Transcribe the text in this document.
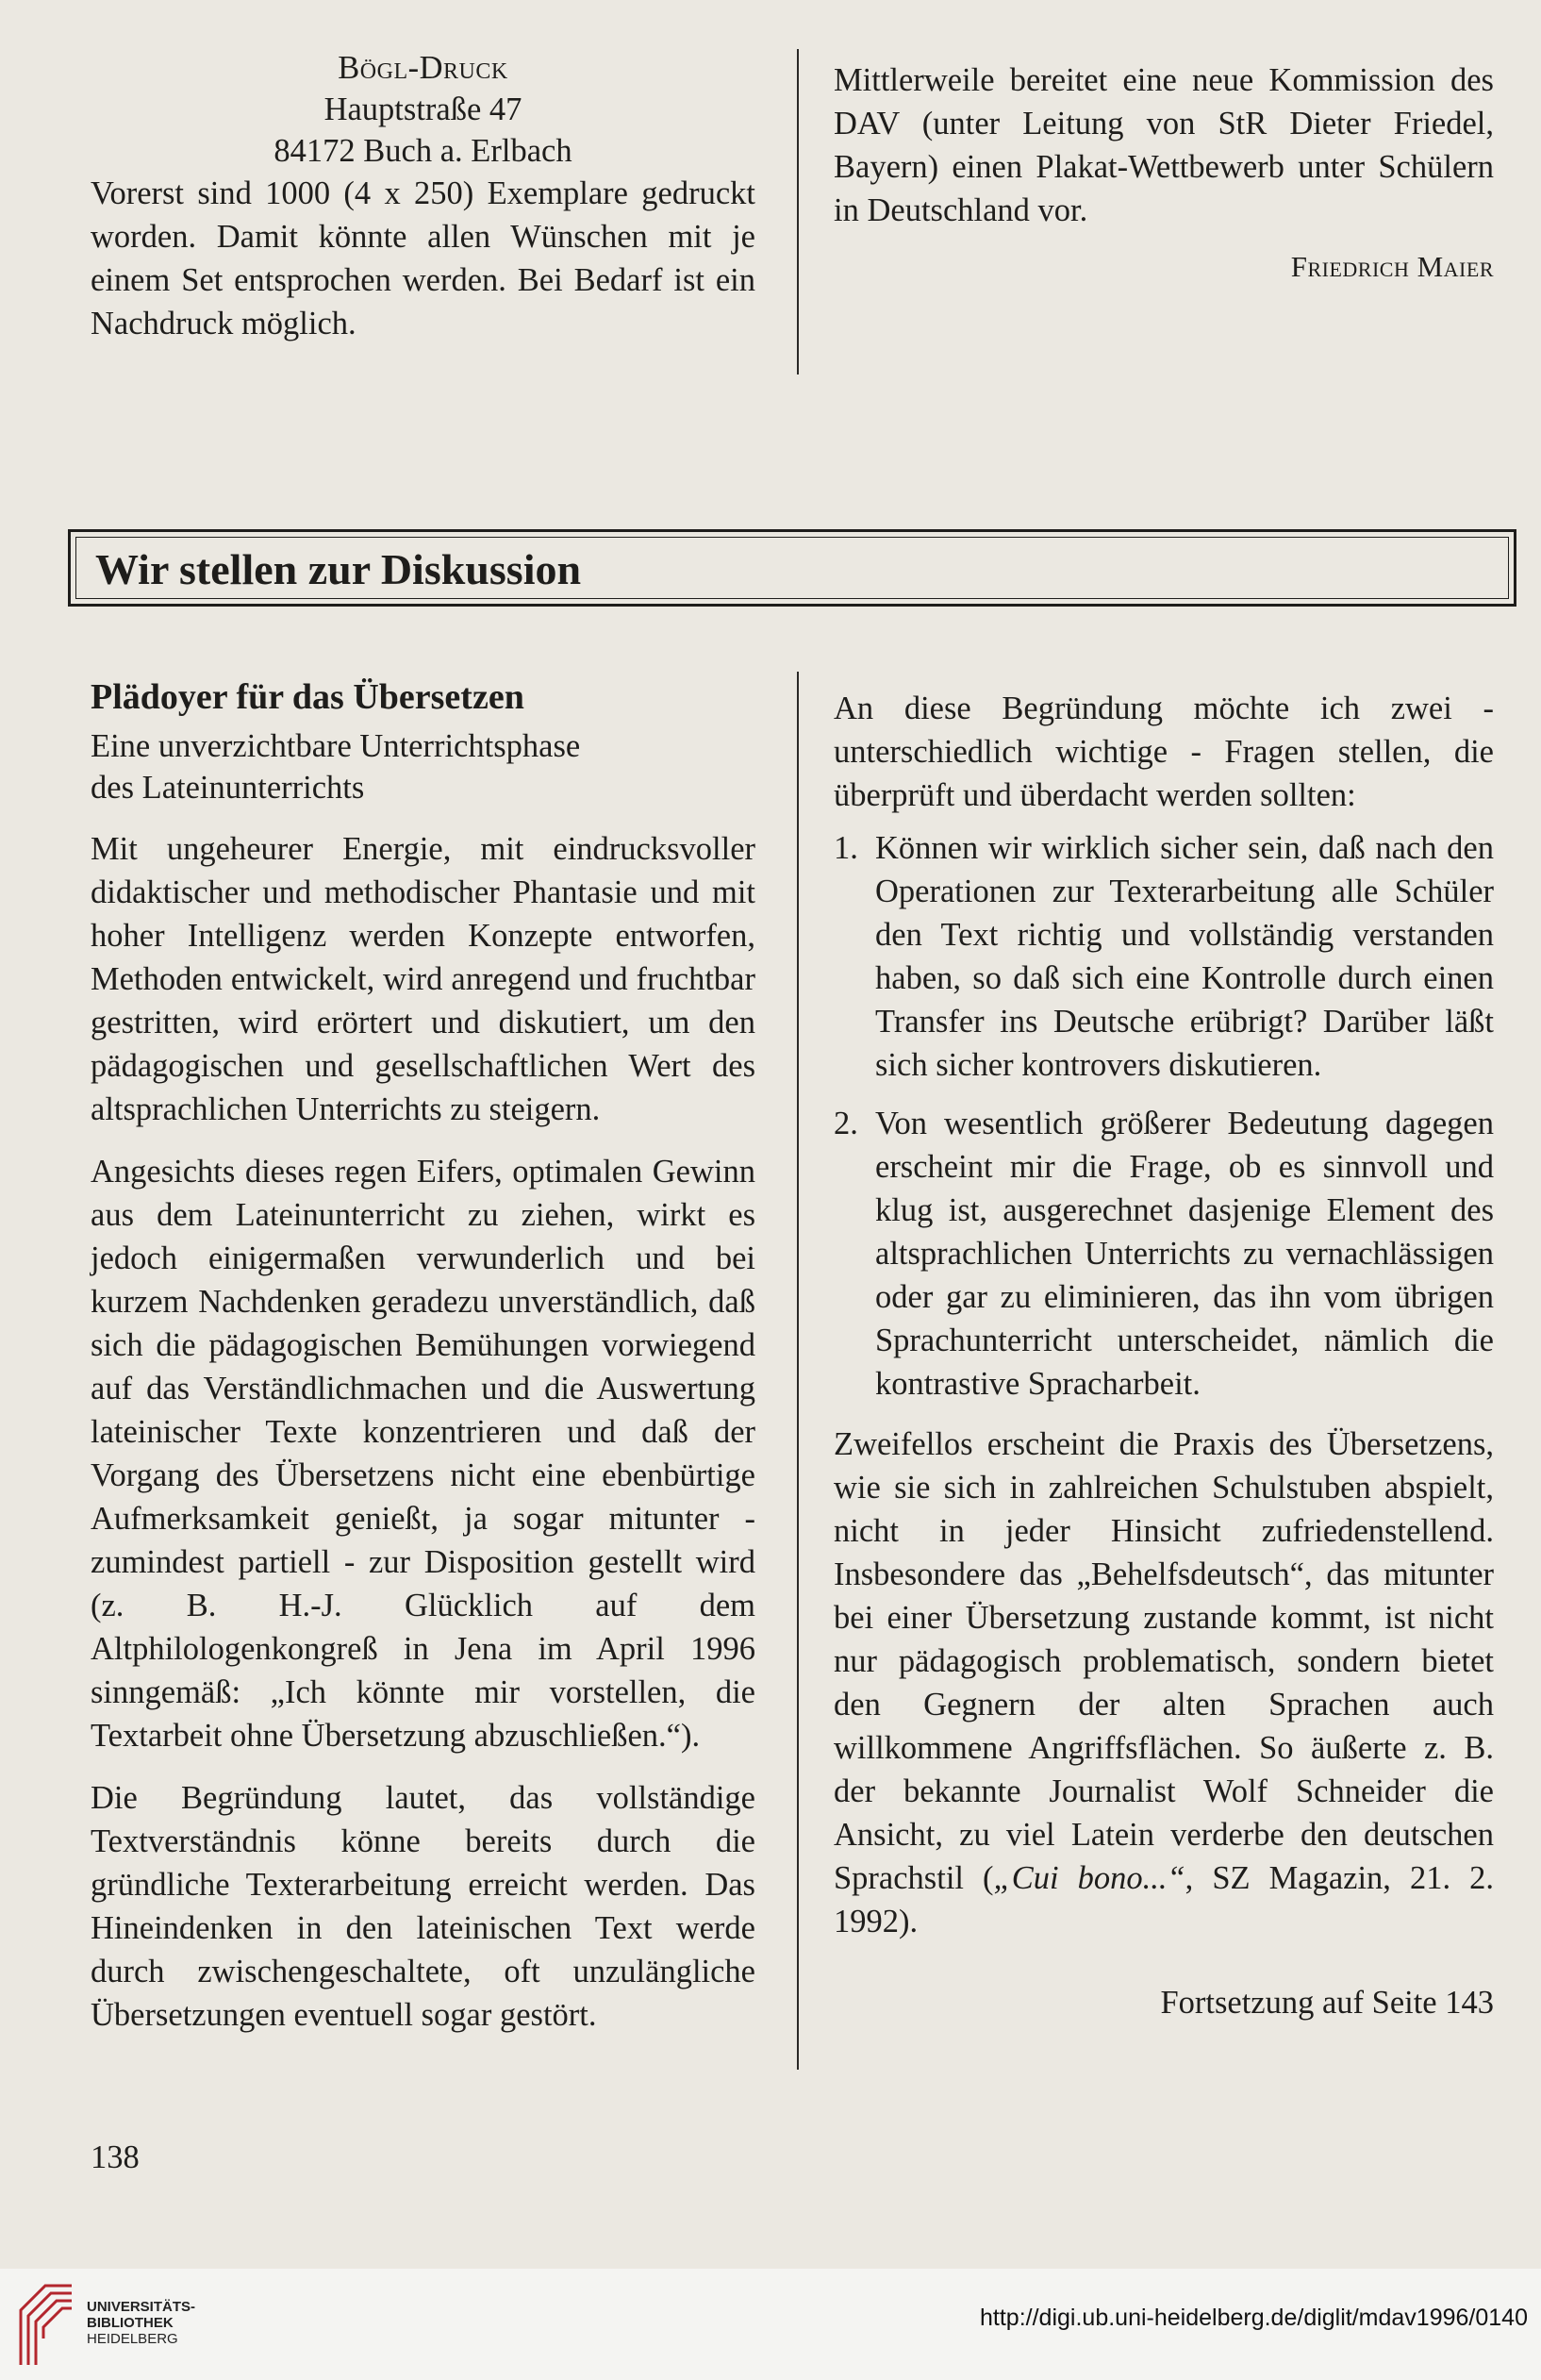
Bögl-Druck
Hauptstraße 47
84172 Buch a. Erlbach

Vorerst sind 1000 (4 x 250) Exemplare gedruckt worden. Damit könnte allen Wünschen mit je einem Set entsprochen werden. Bei Bedarf ist ein Nachdruck möglich.

Mittlerweile bereitet eine neue Kommission des DAV (unter Leitung von StR Dieter Friedel, Bayern) einen Plakat-Wettbewerb unter Schülern in Deutschland vor.

Friedrich Maier
Wir stellen zur Diskussion
Plädoyer für das Übersetzen
Eine unverzichtbare Unterrichtsphase
des Lateinunterrichts

Mit ungeheurer Energie, mit eindrucksvoller didaktischer und methodischer Phantasie und mit hoher Intelligenz werden Konzepte entworfen, Methoden entwickelt, wird anregend und fruchtbar gestritten, wird erörtert und diskutiert, um den pädagogischen und gesellschaftlichen Wert des altsprachlichen Unterrichts zu steigern.

Angesichts dieses regen Eifers, optimalen Gewinn aus dem Lateinunterricht zu ziehen, wirkt es jedoch einigermaßen verwunderlich und bei kurzem Nachdenken geradezu unverständlich, daß sich die pädagogischen Bemühungen vorwiegend auf das Verständlichmachen und die Auswertung lateinischer Texte konzentrieren und daß der Vorgang des Übersetzens nicht eine ebenbürtige Aufmerksamkeit genießt, ja sogar mitunter - zumindest partiell - zur Disposition gestellt wird (z. B. H.-J. Glücklich auf dem Altphilologenkongreß in Jena im April 1996 sinngemäß: „Ich könnte mir vorstellen, die Textarbeit ohne Übersetzung abzuschließen.“).

Die Begründung lautet, das vollständige Textverständnis könne bereits durch die gründliche Texterarbeitung erreicht werden. Das Hineindenken in den lateinischen Text werde durch zwischengeschaltete, oft unzulängliche Übersetzungen eventuell sogar gestört.

An diese Begründung möchte ich zwei - unterschiedlich wichtige - Fragen stellen, die überprüft und überdacht werden sollten:

1. Können wir wirklich sicher sein, daß nach den Operationen zur Texterarbeitung alle Schüler den Text richtig und vollständig verstanden haben, so daß sich eine Kontrolle durch einen Transfer ins Deutsche erübrigt? Darüber läßt sich sicher kontrovers diskutieren.

2. Von wesentlich größerer Bedeutung dagegen erscheint mir die Frage, ob es sinnvoll und klug ist, ausgerechnet dasjenige Element des altsprachlichen Unterrichts zu vernachlässigen oder gar zu eliminieren, das ihn vom übrigen Sprachunterricht unterscheidet, nämlich die kontrastive Spracharbeit.

Zweifellos erscheint die Praxis des Übersetzens, wie sie sich in zahlreichen Schulstuben abspielt, nicht in jeder Hinsicht zufriedenstellend. Insbesondere das „Behelfsdeutsch“, das mitunter bei einer Übersetzung zustande kommt, ist nicht nur pädagogisch problematisch, sondern bietet den Gegnern der alten Sprachen auch willkommene Angriffsflächen. So äußerte z. B. der bekannte Journalist Wolf Schneider die Ansicht, zu viel Latein verderbe den deutschen Sprachstil („Cui bono...“, SZ Magazin, 21. 2. 1992).

Fortsetzung auf Seite 143
138
UNIVERSITÄTS-
BIBLIOTHEK
HEIDELBERG
http://digi.ub.uni-heidelberg.de/diglit/mdav1996/0140
